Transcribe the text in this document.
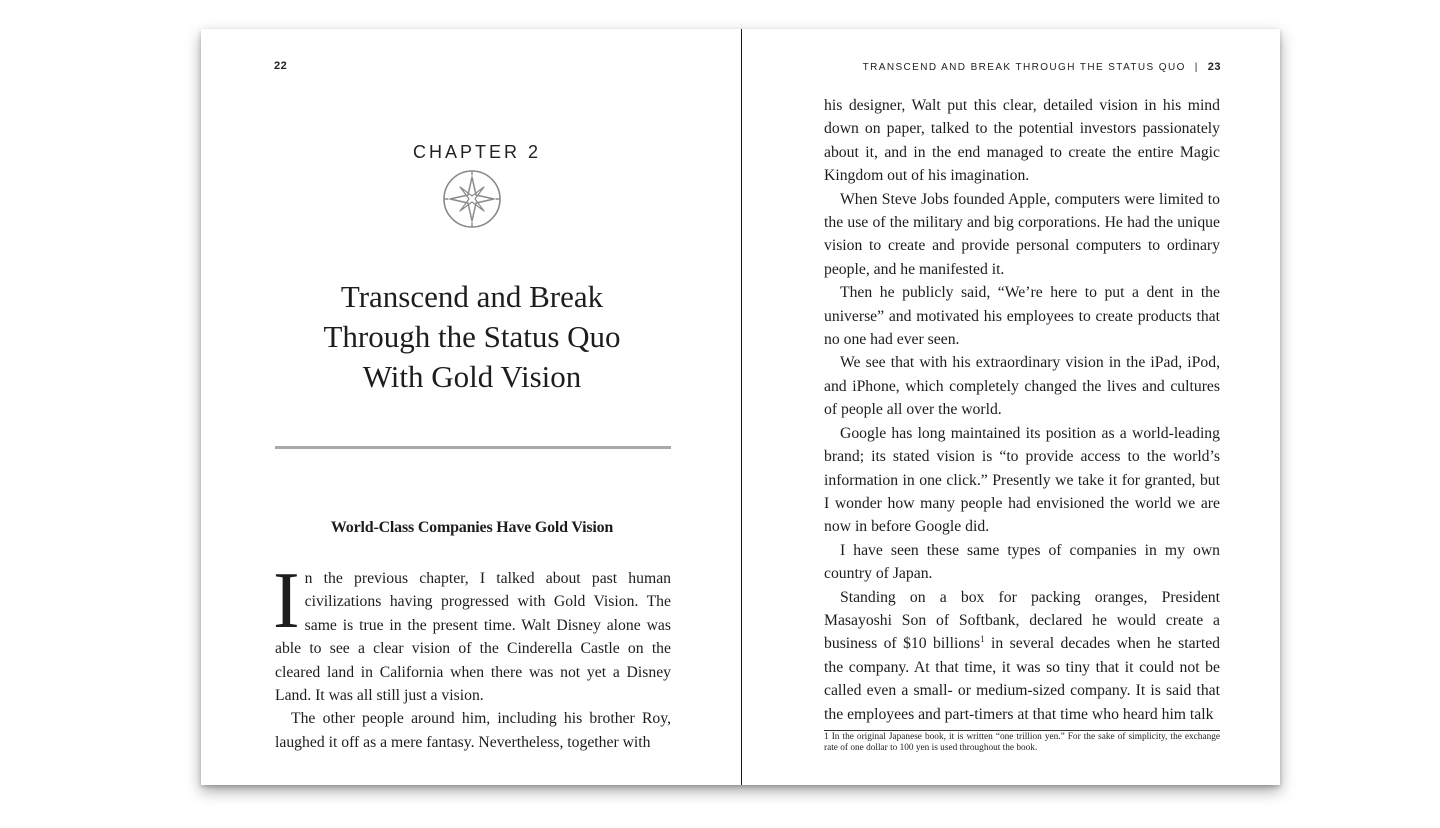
22
CHAPTER 2
Transcend and Break
Through the Status Quo
With Gold Vision
World-Class Companies Have Gold Vision

In the previous chapter, I talked about past human civilizations having progressed with Gold Vision. The same is true in the present time. Walt Disney alone was able to see a clear vision of the Cinderella Castle on the cleared land in California when there was not yet a Disney Land. It was all still just a vision.

The other people around him, including his brother Roy, laughed it off as a mere fantasy. Nevertheless, together with

TRANSCEND AND BREAK THROUGH THE STATUS QUO | 23

his designer, Walt put this clear, detailed vision in his mind down on paper, talked to the potential investors passionately about it, and in the end managed to create the entire Magic Kingdom out of his imagination.

When Steve Jobs founded Apple, computers were limited to the use of the military and big corporations. He had the unique vision to create and provide personal computers to ordinary people, and he manifested it.

Then he publicly said, “We’re here to put a dent in the universe” and motivated his employees to create products that no one had ever seen.

We see that with his extraordinary vision in the iPad, iPod, and iPhone, which completely changed the lives and cultures of people all over the world.

Google has long maintained its position as a world-leading brand; its stated vision is “to provide access to the world’s information in one click.” Presently we take it for granted, but I wonder how many people had envisioned the world we are now in before Google did.

I have seen these same types of companies in my own country of Japan.

Standing on a box for packing oranges, President Masayoshi Son of Softbank, declared he would create a business of $10 billions$^1$ in several decades when he started the company. At that time, it was so tiny that it could not be called even a small- or medium-sized company. It is said that the employees and part-timers at that time who heard him talk

1 In the original Japanese book, it is written “one trillion yen.” For the sake of simplicity, the exchange rate of one dollar to 100 yen is used throughout the book.
